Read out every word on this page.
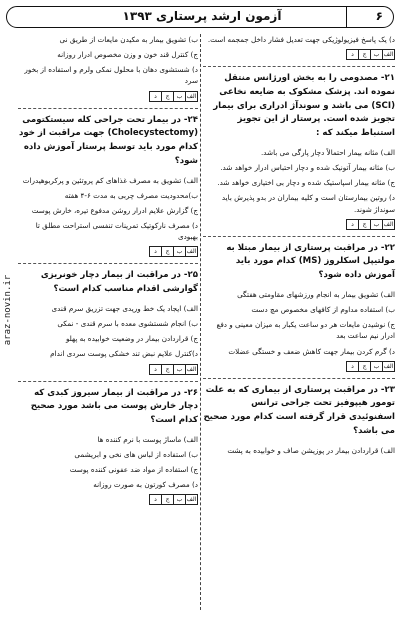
آزمون ارشد پرستاری ۱۳۹۳	۶
araz-novin.ir
د) یک پاسخ فیزیولوژیکی جهت تعدیل فشار داخل جمجمه است.
الف
ب
ج
د
۲۱- مصدومی را به بخش اورژانس منتقل نموده اند. پزشک مشکوک به ضایعه نخاعی (SCI) می باشد و سوندآژ ادراری برای بیمار تجویز شده است. پرستار از این تجویز استنباط میکند که :
الف) مثانه بیمار احتمالاً دچار پارگی می باشد.
ب) مثانه بیمار آتونیک شده و دچار احتباس ادرار خواهد شد.
ج) مثانه بیمار اسپاستیک شده و دچار بی اختیاری خواهد شد.
د) روتین بیمارستان است و کلیه بیماران در بدو پذیرش باید سونداژ شوند.
الف
ب
ج
د
۲۲- در مراقبت پرستاری از بیمار مبتلا به مولتیپل اسکلروز (MS) کدام مورد باید آموزش داده شود؟
الف) تشویق بیمار به انجام ورزشهای مقاومتی هفتگی
ب) استفاده مداوم از کافهای مخصوص مچ دست
ج) نوشیدن مایعات هر دو ساعت یکبار به میزان معینی و دفع ادرار نیم ساعت بعد
د) گرم کردن بیمار جهت کاهش ضعف و خستگی عضلات
الف
ب
ج
د
۲۳- در مراقبت پرستاری از بیماری که به علت تومور هیپوفیز تحت جراحی ترانس اسفنوئیدی قرار گرفته است کدام مورد صحیح می باشد؟
الف) قراردادن بیمار در پوزیشن صاف و خوابیده به پشت
ب) تشویق بیمار به مکیدن مایعات از طریق نی
ج) کنترل قند خون و وزن مخصوص ادرار روزانه
د) شستشوی دهان با محلول نمکی ولرم و استفاده از بخور سرد
الف
ب
ج
د
۲۴- در بیمار تحت جراحی کله سیستکتومی (Cholecystectomy) جهت مراقبت از خود کدام مورد باید توسط پرستار آموزش داده شود؟
الف) تشویق به مصرف غذاهای کم پروتئین و پرکربوهیدرات
ب)محدودیت مصرف چربی به مدت ۶-۴ هفته
ج) گزارش علایم ادرار روشن مدفوع تیره، خارش پوست
د) مصرف ناركوتيک تمرینات تنفسی استراحت مطلق تا بهبودی
الف
ب
ج
د
۲۵- در مراقبت از بیمار دچار خونریزی گوارشی اقدام مناسب کدام است؟
الف) ایجاد یک خط وریدی جهت تزریق سرم قندی
ب) انجام شستشوی معده با سرم قندی - نمکی
ج) قراردادن بیمار در وضعیت خوابیده به پهلو
د)کنترل علایم نبض تند خشکی پوست سردی اندام
الف
ب
ج
د
۲۶- در مراقبت از بیمار سیروز کبدی که دچار خارش پوست می باشد مورد صحیح کدام است؟
الف) ماساژ پوست با نرم کننده ها
ب) استفاده از لباس های نخی و ابریشمی
ج) استفاده از مواد ضد عفونی کننده پوست
د) مصرف کورتون به صورت روزانه
الف
ب
ج
د
